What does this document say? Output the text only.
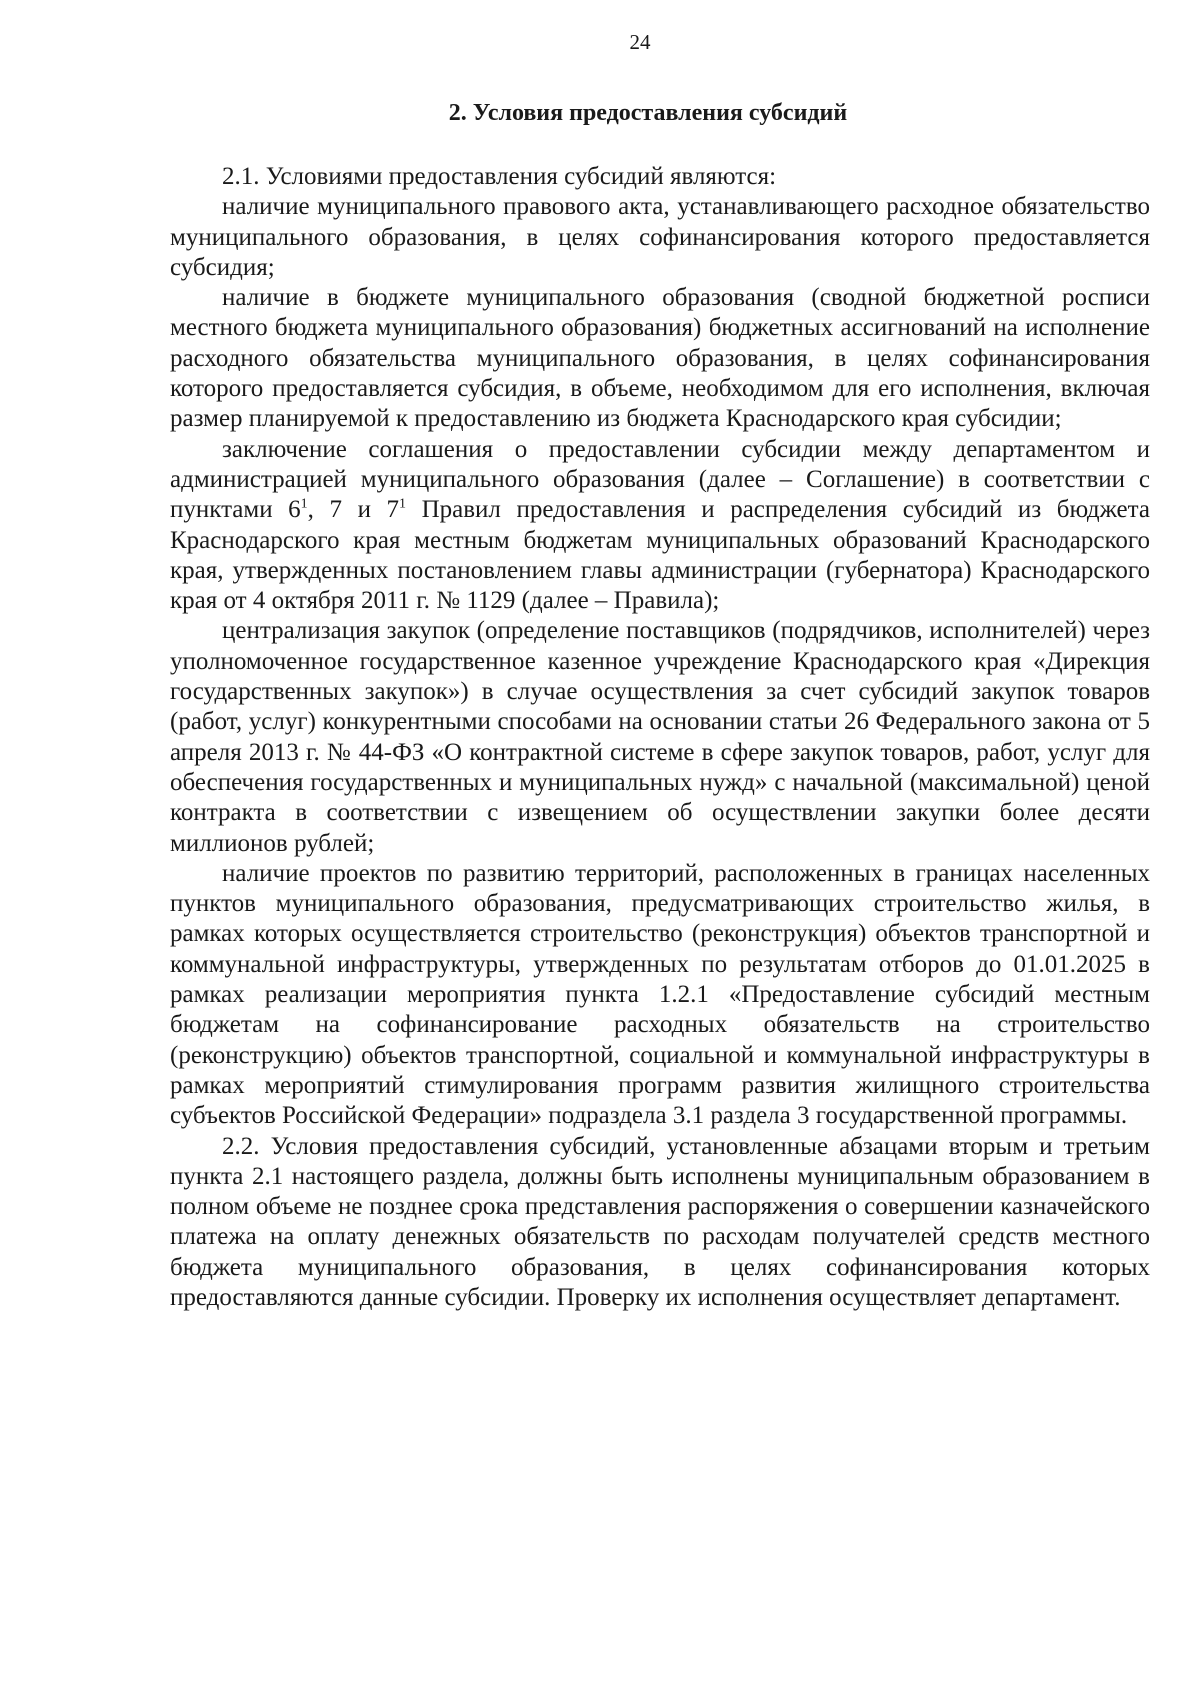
24
2. Условия предоставления субсидий

2.1. Условиями предоставления субсидий являются:

наличие муниципального правового акта, устанавливающего расходное обязательство муниципального образования, в целях софинансирования которого предоставляется субсидия;

наличие в бюджете муниципального образования (сводной бюджетной росписи местного бюджета муниципального образования) бюджетных ассигнований на исполнение расходного обязательства муниципального образования, в целях софинансирования которого предоставляется субсидия, в объеме, необходимом для его исполнения, включая размер планируемой к предоставлению из бюджета Краснодарского края субсидии;

заключение соглашения о предоставлении субсидии между департаментом и администрацией муниципального образования (далее – Соглашение) в соответствии с пунктами $6^1$, 7 и $7^1$ Правил предоставления и распределения субсидий из бюджета Краснодарского края местным бюджетам муниципальных образований Краснодарского края, утвержденных постановлением главы администрации (губернатора) Краснодарского края от 4 октября 2011 г. № 1129 (далее – Правила);

централизация закупок (определение поставщиков (подрядчиков, исполнителей) через уполномоченное государственное казенное учреждение Краснодарского края «Дирекция государственных закупок») в случае осуществления за счет субсидий закупок товаров (работ, услуг) конкурентными способами на основании статьи 26 Федерального закона от 5 апреля 2013 г. № 44-ФЗ «О контрактной системе в сфере закупок товаров, работ, услуг для обеспечения государственных и муниципальных нужд» с начальной (максимальной) ценой контракта в соответствии с извещением об осуществлении закупки более десяти миллионов рублей;

наличие проектов по развитию территорий, расположенных в границах населенных пунктов муниципального образования, предусматривающих строительство жилья, в рамках которых осуществляется строительство (реконструкция) объектов транспортной и коммунальной инфраструктуры, утвержденных по результатам отборов до 01.01.2025 в рамках реализации мероприятия пункта 1.2.1 «Предоставление субсидий местным бюджетам на софинансирование расходных обязательств на строительство (реконструкцию) объектов транспортной, социальной и коммунальной инфраструктуры в рамках мероприятий стимулирования программ развития жилищного строительства субъектов Российской Федерации» подраздела 3.1 раздела 3 государственной программы.

2.2. Условия предоставления субсидий, установленные абзацами вторым и третьим пункта 2.1 настоящего раздела, должны быть исполнены муниципальным образованием в полном объеме не позднее срока представления распоряжения о совершении казначейского платежа на оплату денежных обязательств по расходам получателей средств местного бюджета муниципального образования, в целях софинансирования которых предоставляются данные субсидии. Проверку их исполнения осуществляет департамент.
